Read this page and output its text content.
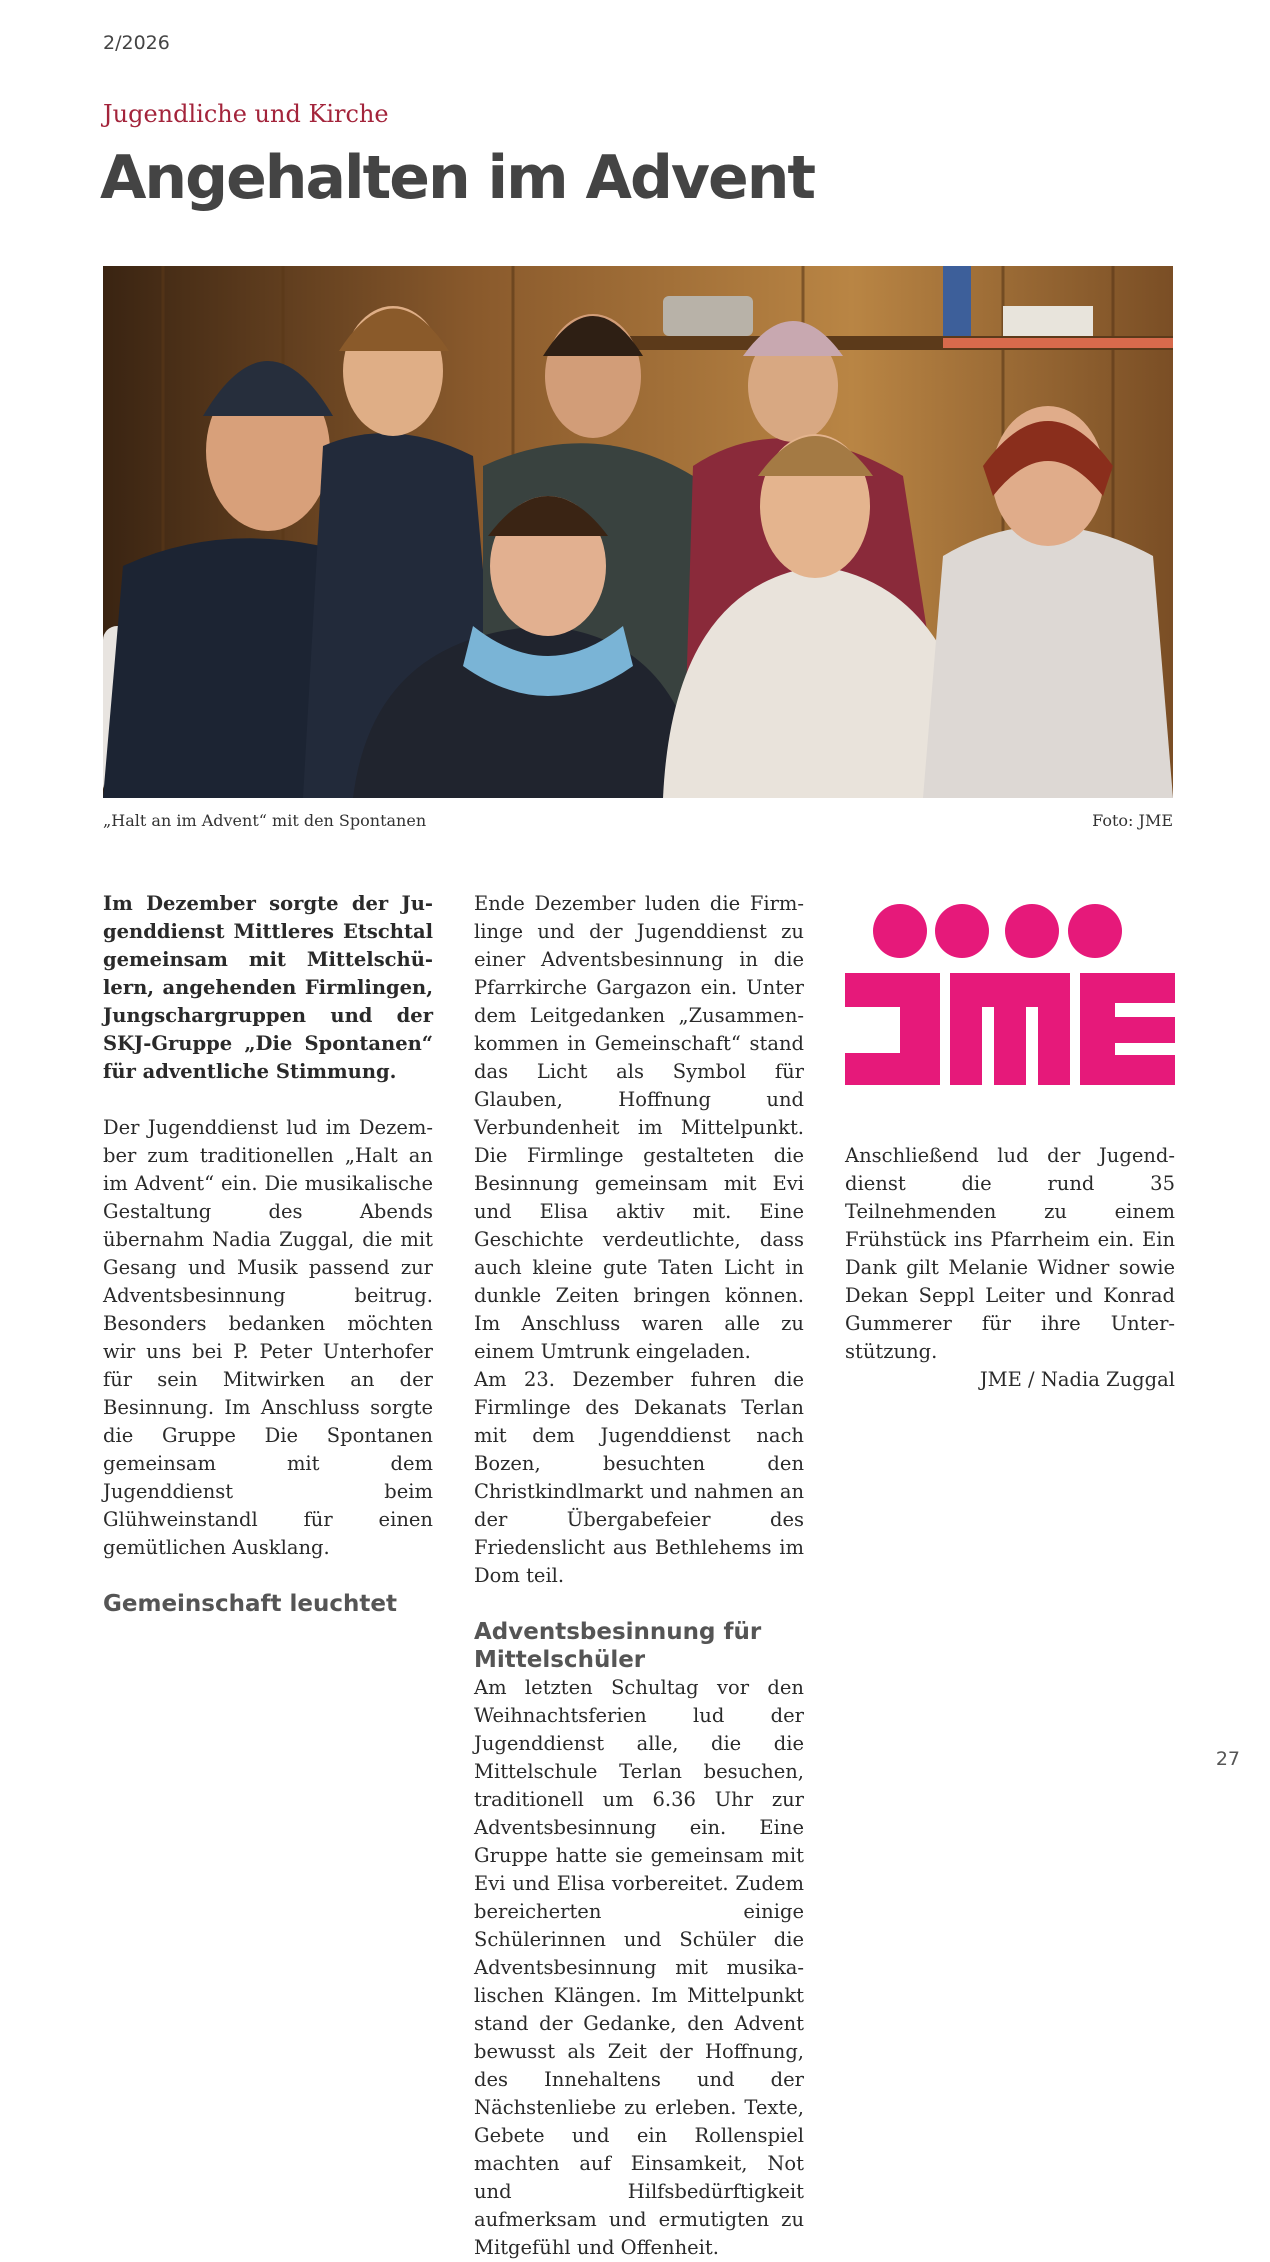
2/2026
Jugendliche und Kirche
Angehalten im Advent
„Halt an im Advent“ mit den Spontanen	Foto: JME

Im Dezember sorgte der Jugenddienst Mittleres Etschtal gemeinsam mit Mittelschülern, angehenden Firmlingen, Jungschargruppen und der SKJ-Gruppe „Die Spontanen“ für adventliche Stimmung.

Der Jugenddienst lud im Dezember zum traditionellen „Halt an im Advent“ ein. Die musikalische Gestaltung des Abends übernahm Nadia Zuggal, die mit Gesang und Musik passend zur Adventsbesinnung beitrug. Besonders bedanken möchten wir uns bei P. Peter Unterhofer für sein Mitwirken an der Besinnung. Im Anschluss sorgte die Gruppe Die Spontanen gemeinsam mit dem Jugenddienst beim Glühweinstandl für einen gemütlichen Ausklang.

Gemeinschaft leuchtet

Ende Dezember luden die Firmlinge und der Jugenddienst zu einer Adventsbesinnung in die Pfarrkirche Gargazon ein. Unter dem Leitgedanken „Zusammenkommen in Gemeinschaft“ stand das Licht als Symbol für Glauben, Hoffnung und Verbundenheit im Mittelpunkt. Die Firmlinge gestalteten die Besinnung gemeinsam mit Evi und Elisa aktiv mit. Eine Geschichte verdeutlichte, dass auch kleine gute Taten Licht in dunkle Zeiten bringen können. Im Anschluss waren alle zu einem Umtrunk eingeladen.

Am 23. Dezember fuhren die Firmlinge des Dekanats Terlan mit dem Jugenddienst nach Bozen, besuchten den Christkindlmarkt und nahmen an der Übergabefeier des Friedenslicht aus Bethlehems im Dom teil.

Adventsbesinnung für Mittelschüler

Am letzten Schultag vor den Weihnachtsferien lud der Jugenddienst alle, die die Mittelschule Terlan besuchen, traditionell um 6.36 Uhr zur Adventsbesinnung ein. Eine Gruppe hatte sie gemeinsam mit Evi und Elisa vorbereitet. Zudem bereicherten einige Schülerinnen und Schüler die Adventsbesinnung mit musikalischen Klängen. Im Mittelpunkt stand der Gedanke, den Advent bewusst als Zeit der Hoffnung, des Innehaltens und der Nächstenliebe zu erleben. Texte, Gebete und ein Rollenspiel machten auf Einsamkeit, Not und Hilfsbedürftigkeit aufmerksam und ermutigten zu Mitgefühl und Offenheit.

27

Anschließend lud der Jugenddienst die rund 35 Teilnehmenden zu einem Frühstück ins Pfarrheim ein. Ein Dank gilt Melanie Widner sowie Dekan Seppl Leiter und Konrad Gummerer für ihre Unterstützung.

JME / Nadia Zuggal
